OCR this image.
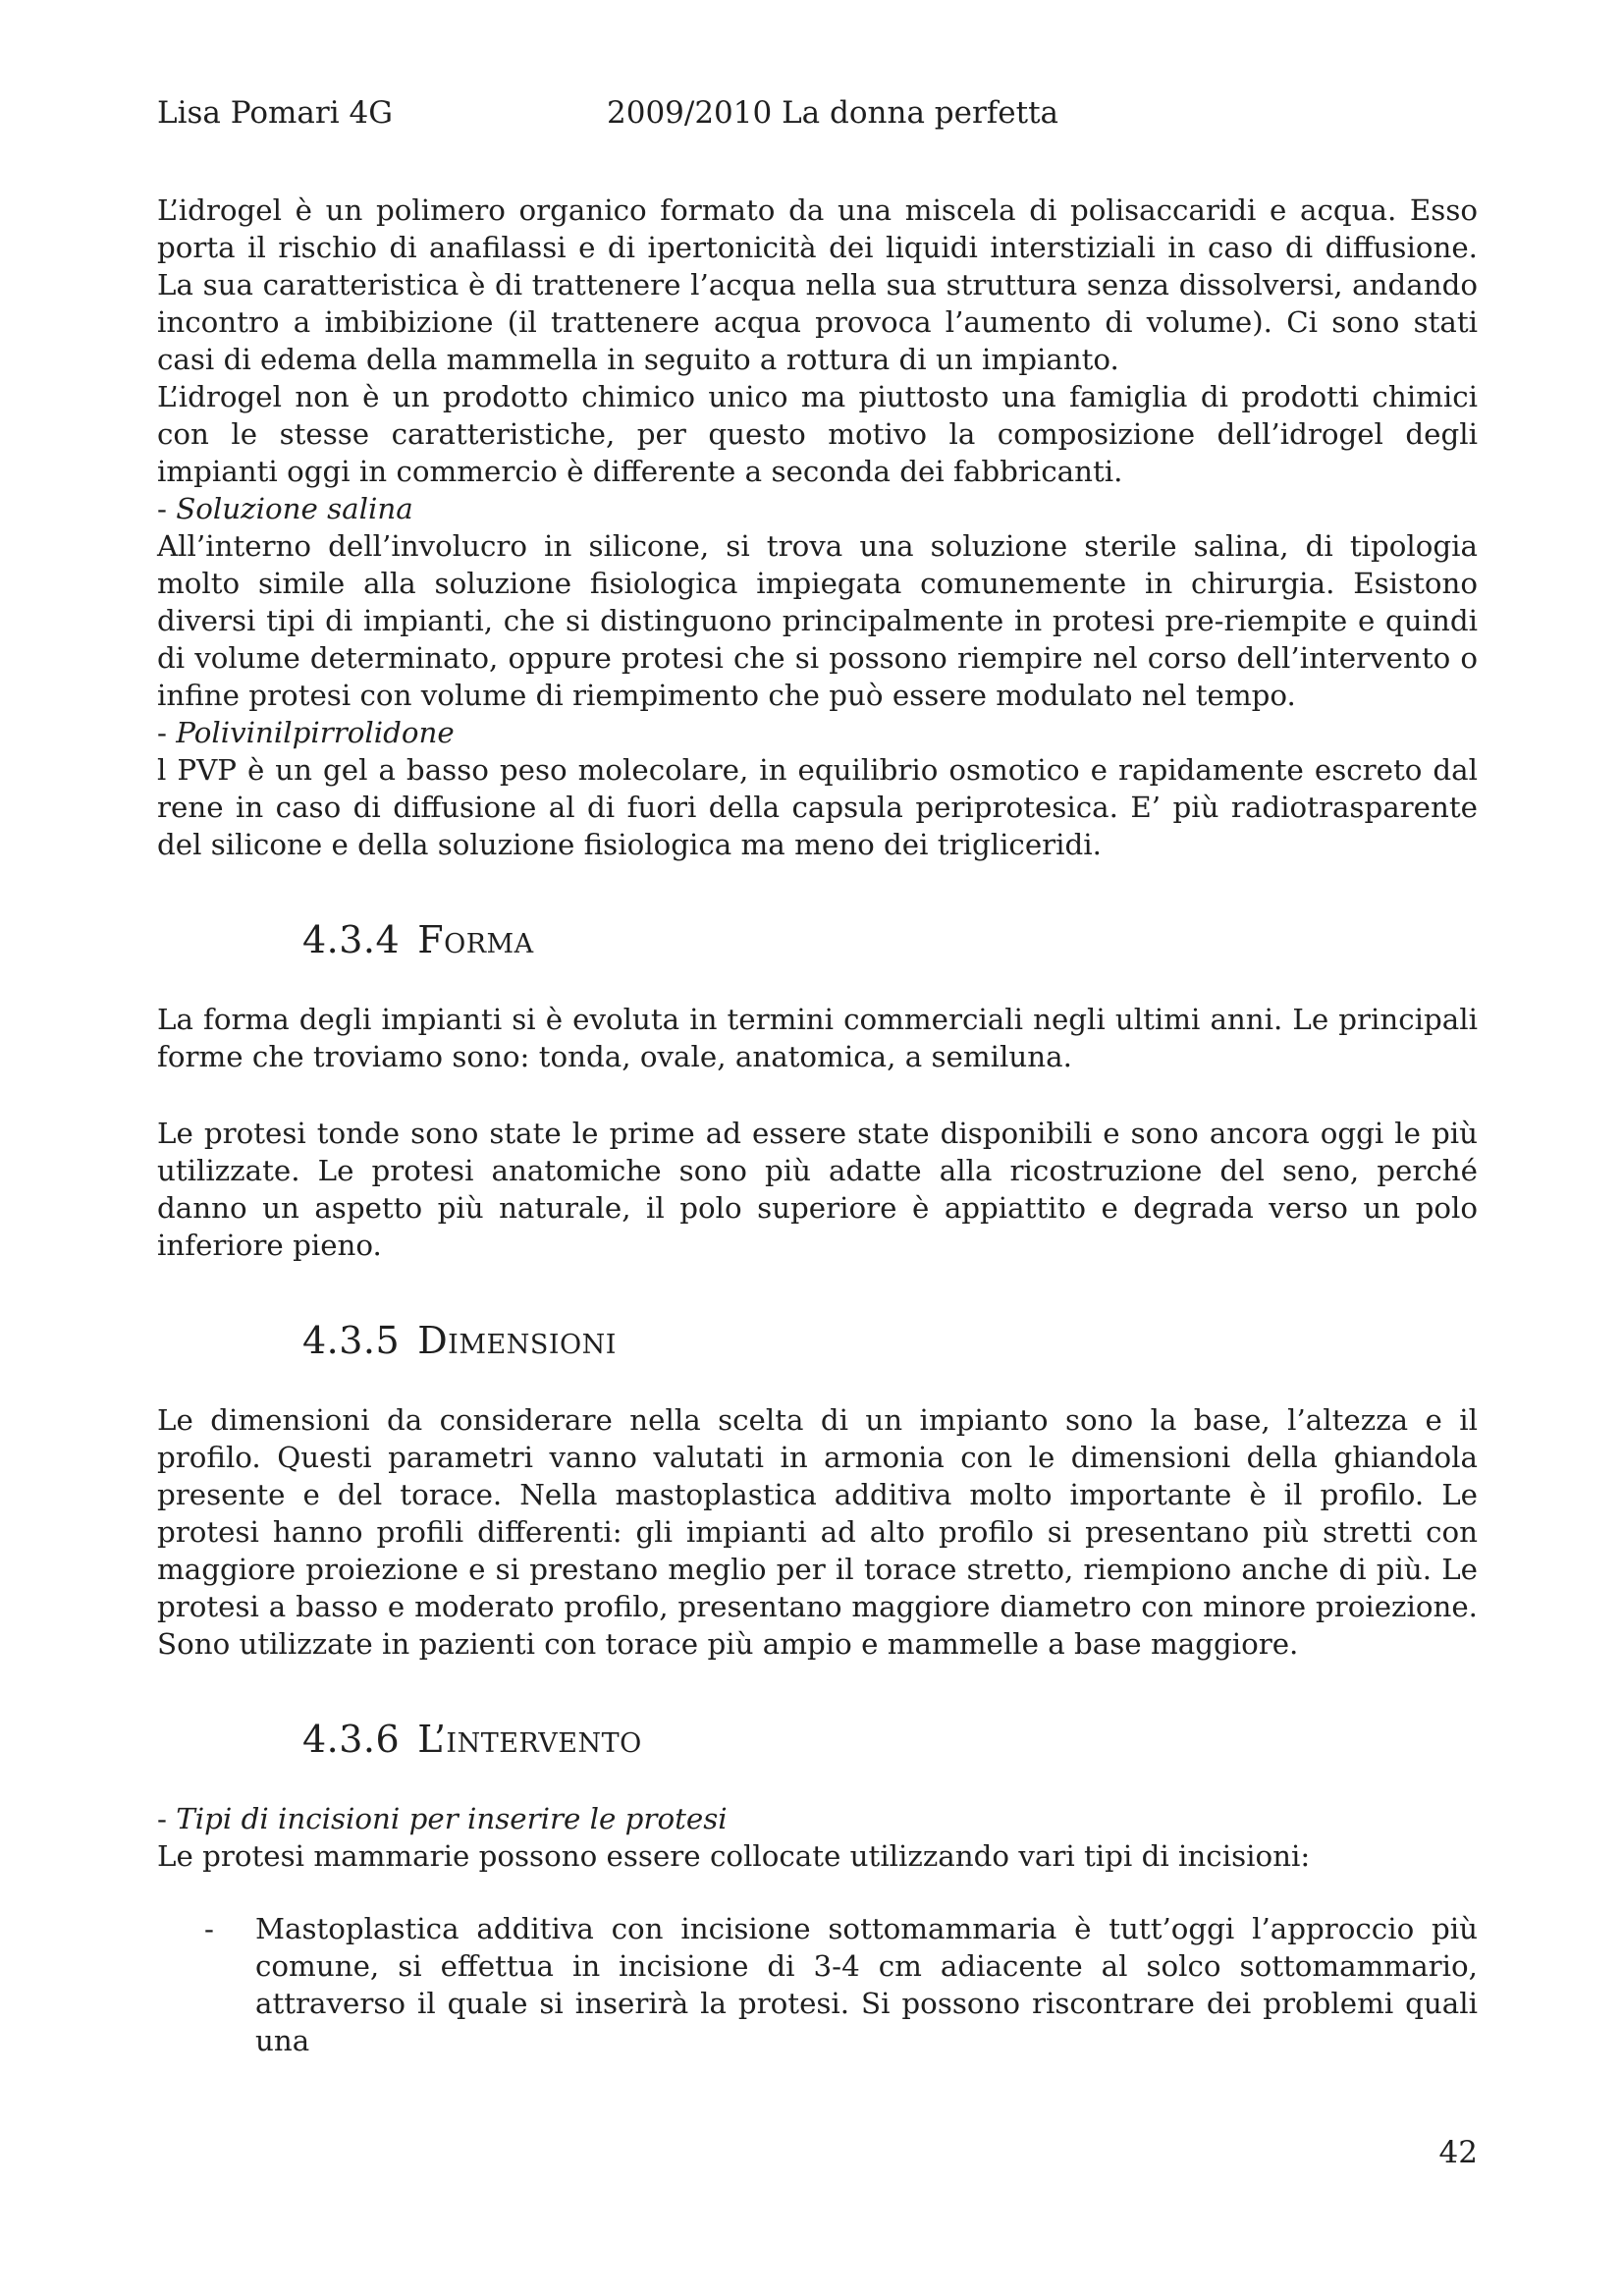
Lisa Pomari 4G	2009/2010 La donna perfetta

L’idrogel è un polimero organico formato da una miscela di polisaccaridi e acqua. Esso porta il rischio di anafilassi e di ipertonicità dei liquidi interstiziali in caso di diffusione. La sua caratteristica è di trattenere l’acqua nella sua struttura senza dissolversi, andando incontro a imbibizione (il trattenere acqua provoca l’aumento di volume). Ci sono stati casi di edema della mammella in seguito a rottura di un impianto.

L’idrogel non è un prodotto chimico unico ma piuttosto una famiglia di prodotti chimici con le stesse caratteristiche, per questo motivo la composizione dell’idrogel degli impianti oggi in commercio è differente a seconda dei fabbricanti.

- Soluzione salina

All’interno dell’involucro in silicone, si trova una soluzione sterile salina, di tipologia molto simile alla soluzione fisiologica impiegata comunemente in chirurgia. Esistono diversi tipi di impianti, che si distinguono principalmente in protesi pre-riempite e quindi di volume determinato, oppure protesi che si possono riempire nel corso dell’intervento o infine protesi con volume di riempimento che può essere modulato nel tempo.

- Polivinilpirrolidone

l PVP è un gel a basso peso molecolare, in equilibrio osmotico e rapidamente escreto dal rene in caso di diffusione al di fuori della capsula periprotesica. E’ più radiotrasparente del silicone e della soluzione fisiologica ma meno dei trigliceridi.

4.3.4 Forma

La forma degli impianti si è evoluta in termini commerciali negli ultimi anni. Le principali forme che troviamo sono: tonda, ovale, anatomica, a semiluna.

Le protesi tonde sono state le prime ad essere state disponibili e sono ancora oggi le più utilizzate. Le protesi anatomiche sono più adatte alla ricostruzione del seno, perché danno un aspetto più naturale, il polo superiore è appiattito e degrada verso un polo inferiore pieno.

4.3.5 Dimensioni

Le dimensioni da considerare nella scelta di un impianto sono la base, l’altezza e il profilo. Questi parametri vanno valutati in armonia con le dimensioni della ghiandola presente e del torace. Nella mastoplastica additiva molto importante è il profilo. Le protesi hanno profili differenti: gli impianti ad alto profilo si presentano più stretti con maggiore proiezione e si prestano meglio per il torace stretto, riempiono anche di più. Le protesi a basso e moderato profilo, presentano maggiore diametro con minore proiezione. Sono utilizzate in pazienti con torace più ampio e mammelle a base maggiore.

4.3.6 L’intervento

- Tipi di incisioni per inserire le protesi

Le protesi mammarie possono essere collocate utilizzando vari tipi di incisioni:

- Mastoplastica additiva con incisione sottomammaria è tutt’oggi l’approccio più comune, si effettua in incisione di 3-4 cm adiacente al solco sottomammario, attraverso il quale si inserirà la protesi. Si possono riscontrare dei problemi quali una
42
